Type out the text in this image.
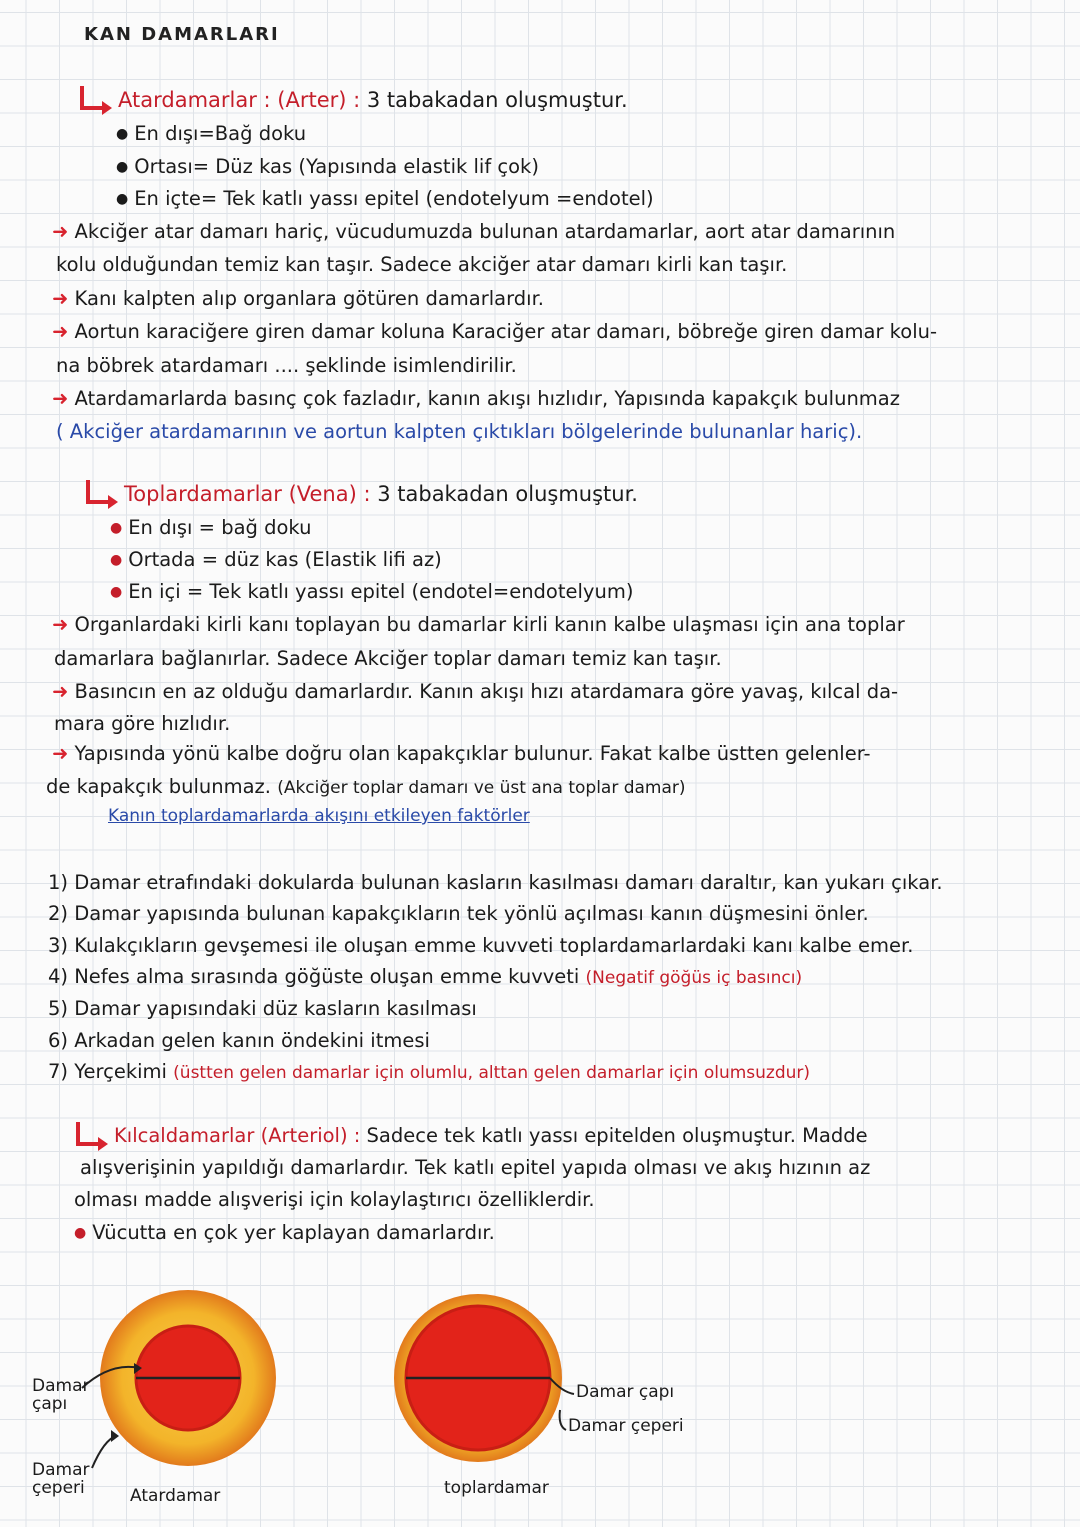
KAN DAMARLARI
Atardamarlar : (Arter) : 3 tabakadan oluşmuştur.
● En dışı=Bağ doku
● Ortası= Düz kas (Yapısında elastik lif çok)
● En içte= Tek katlı yassı epitel (endotelyum =endotel)
➜ Akciğer atar damarı hariç, vücudumuzda bulunan atardamarlar, aort atar damarının
kolu olduğundan temiz kan taşır. Sadece akciğer atar damarı kirli kan taşır.
➜ Kanı kalpten alıp organlara götüren damarlardır.
➜ Aortun karaciğere giren damar koluna Karaciğer atar damarı, böbreğe giren damar kolu-
na böbrek atardamarı .... şeklinde isimlendirilir.
➜ Atardamarlarda basınç çok fazladır, kanın akışı hızlıdır, Yapısında kapakçık bulunmaz
( Akciğer atardamarının ve aortun kalpten çıktıkları bölgelerinde bulunanlar hariç).
Toplardamarlar (Vena) : 3 tabakadan oluşmuştur.
● En dışı = bağ doku
● Ortada = düz kas (Elastik lifi az)
● En içi = Tek katlı yassı epitel (endotel=endotelyum)
➜ Organlardaki kirli kanı toplayan bu damarlar kirli kanın kalbe ulaşması için ana toplar
damarlara bağlanırlar. Sadece Akciğer toplar damarı temiz kan taşır.
➜ Basıncın en az olduğu damarlardır. Kanın akışı hızı atardamara göre yavaş, kılcal da-
mara göre hızlıdır.
➜ Yapısında yönü kalbe doğru olan kapakçıklar bulunur. Fakat kalbe üstten gelenler-
de kapakçık bulunmaz. (Akciğer toplar damarı ve üst ana toplar damar)
Kanın toplardamarlarda akışını etkileyen faktörler
1) Damar etrafındaki dokularda bulunan kasların kasılması damarı daraltır, kan yukarı çıkar.
2) Damar yapısında bulunan kapakçıkların tek yönlü açılması kanın düşmesini önler.
3) Kulakçıkların gevşemesi ile oluşan emme kuvveti toplardamarlardaki kanı kalbe emer.
4) Nefes alma sırasında göğüste oluşan emme kuvveti (Negatif göğüs iç basıncı)
5) Damar yapısındaki düz kasların kasılması
6) Arkadan gelen kanın öndekini itmesi
7) Yerçekimi (üstten gelen damarlar için olumlu, alttan gelen damarlar için olumsuzdur)
Kılcaldamarlar (Arteriol) : Sadece tek katlı yassı epitelden oluşmuştur. Madde
alışverişinin yapıldığı damarlardır. Tek katlı epitel yapıda olması ve akış hızının az
olması madde alışverişi için kolaylaştırıcı özelliklerdir.
● Vücutta en çok yer kaplayan damarlardır.
Damar
çapı
Damar
çeperi	Atardamar	toplardamar
Damar çapı
Damar çeperi
